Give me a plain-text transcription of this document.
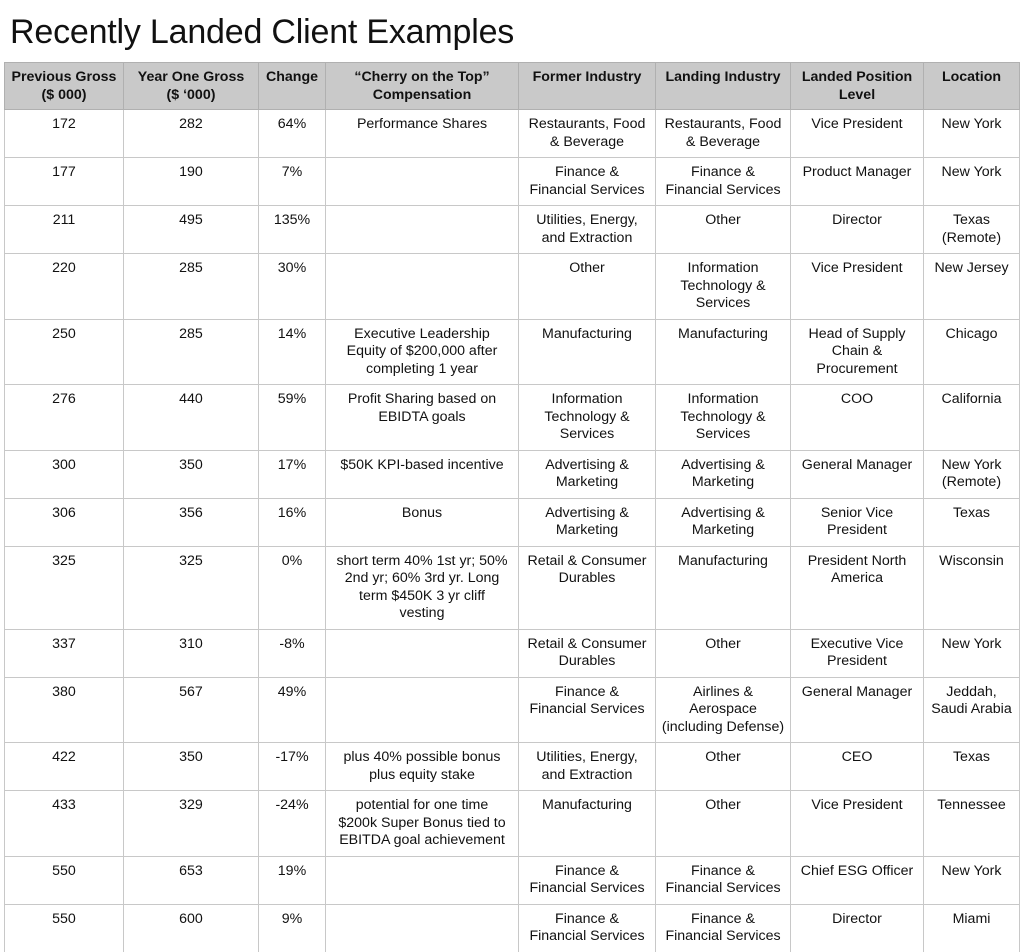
Recently Landed Client Examples
Previous Gross
($ 000)	Year One Gross
($ ‘000)	Change	“Cherry on the Top”
Compensation	Former Industry	Landing Industry	Landed Position
Level	Location
172	282	64%	Performance Shares	Restaurants, Food
& Beverage	Restaurants, Food
& Beverage	Vice President	New York
177	190	7%		Finance &
Financial Services	Finance &
Financial Services	Product Manager	New York
211	495	135%		Utilities, Energy,
and Extraction	Other	Director	Texas
(Remote)
220	285	30%		Other	Information
Technology &
Services	Vice President	New Jersey
250	285	14%	Executive Leadership
Equity of $200,000 after
completing 1 year	Manufacturing	Manufacturing	Head of Supply
Chain &
Procurement	Chicago
276	440	59%	Profit Sharing based on
EBIDTA goals	Information
Technology &
Services	Information
Technology &
Services	COO	California
300	350	17%	$50K KPI-based incentive	Advertising &
Marketing	Advertising &
Marketing	General Manager	New York
(Remote)
306	356	16%	Bonus	Advertising &
Marketing	Advertising &
Marketing	Senior Vice
President	Texas
325	325	0%	short term 40% 1st yr; 50%
2nd yr; 60% 3rd yr. Long
term $450K 3 yr cliff
vesting	Retail & Consumer
Durables	Manufacturing	President North
America	Wisconsin
337	310	-8%		Retail & Consumer
Durables	Other	Executive Vice
President	New York
380	567	49%		Finance &
Financial Services	Airlines &
Aerospace
(including Defense)	General Manager	Jeddah,
Saudi Arabia
422	350	-17%	plus 40% possible bonus
plus equity stake	Utilities, Energy,
and Extraction	Other	CEO	Texas
433	329	-24%	potential for one time
$200k Super Bonus tied to
EBITDA goal achievement	Manufacturing	Other	Vice President	Tennessee
550	653	19%		Finance &
Financial Services	Finance &
Financial Services	Chief ESG Officer	New York
550	600	9%		Finance &
Financial Services	Finance &
Financial Services	Director	Miami
